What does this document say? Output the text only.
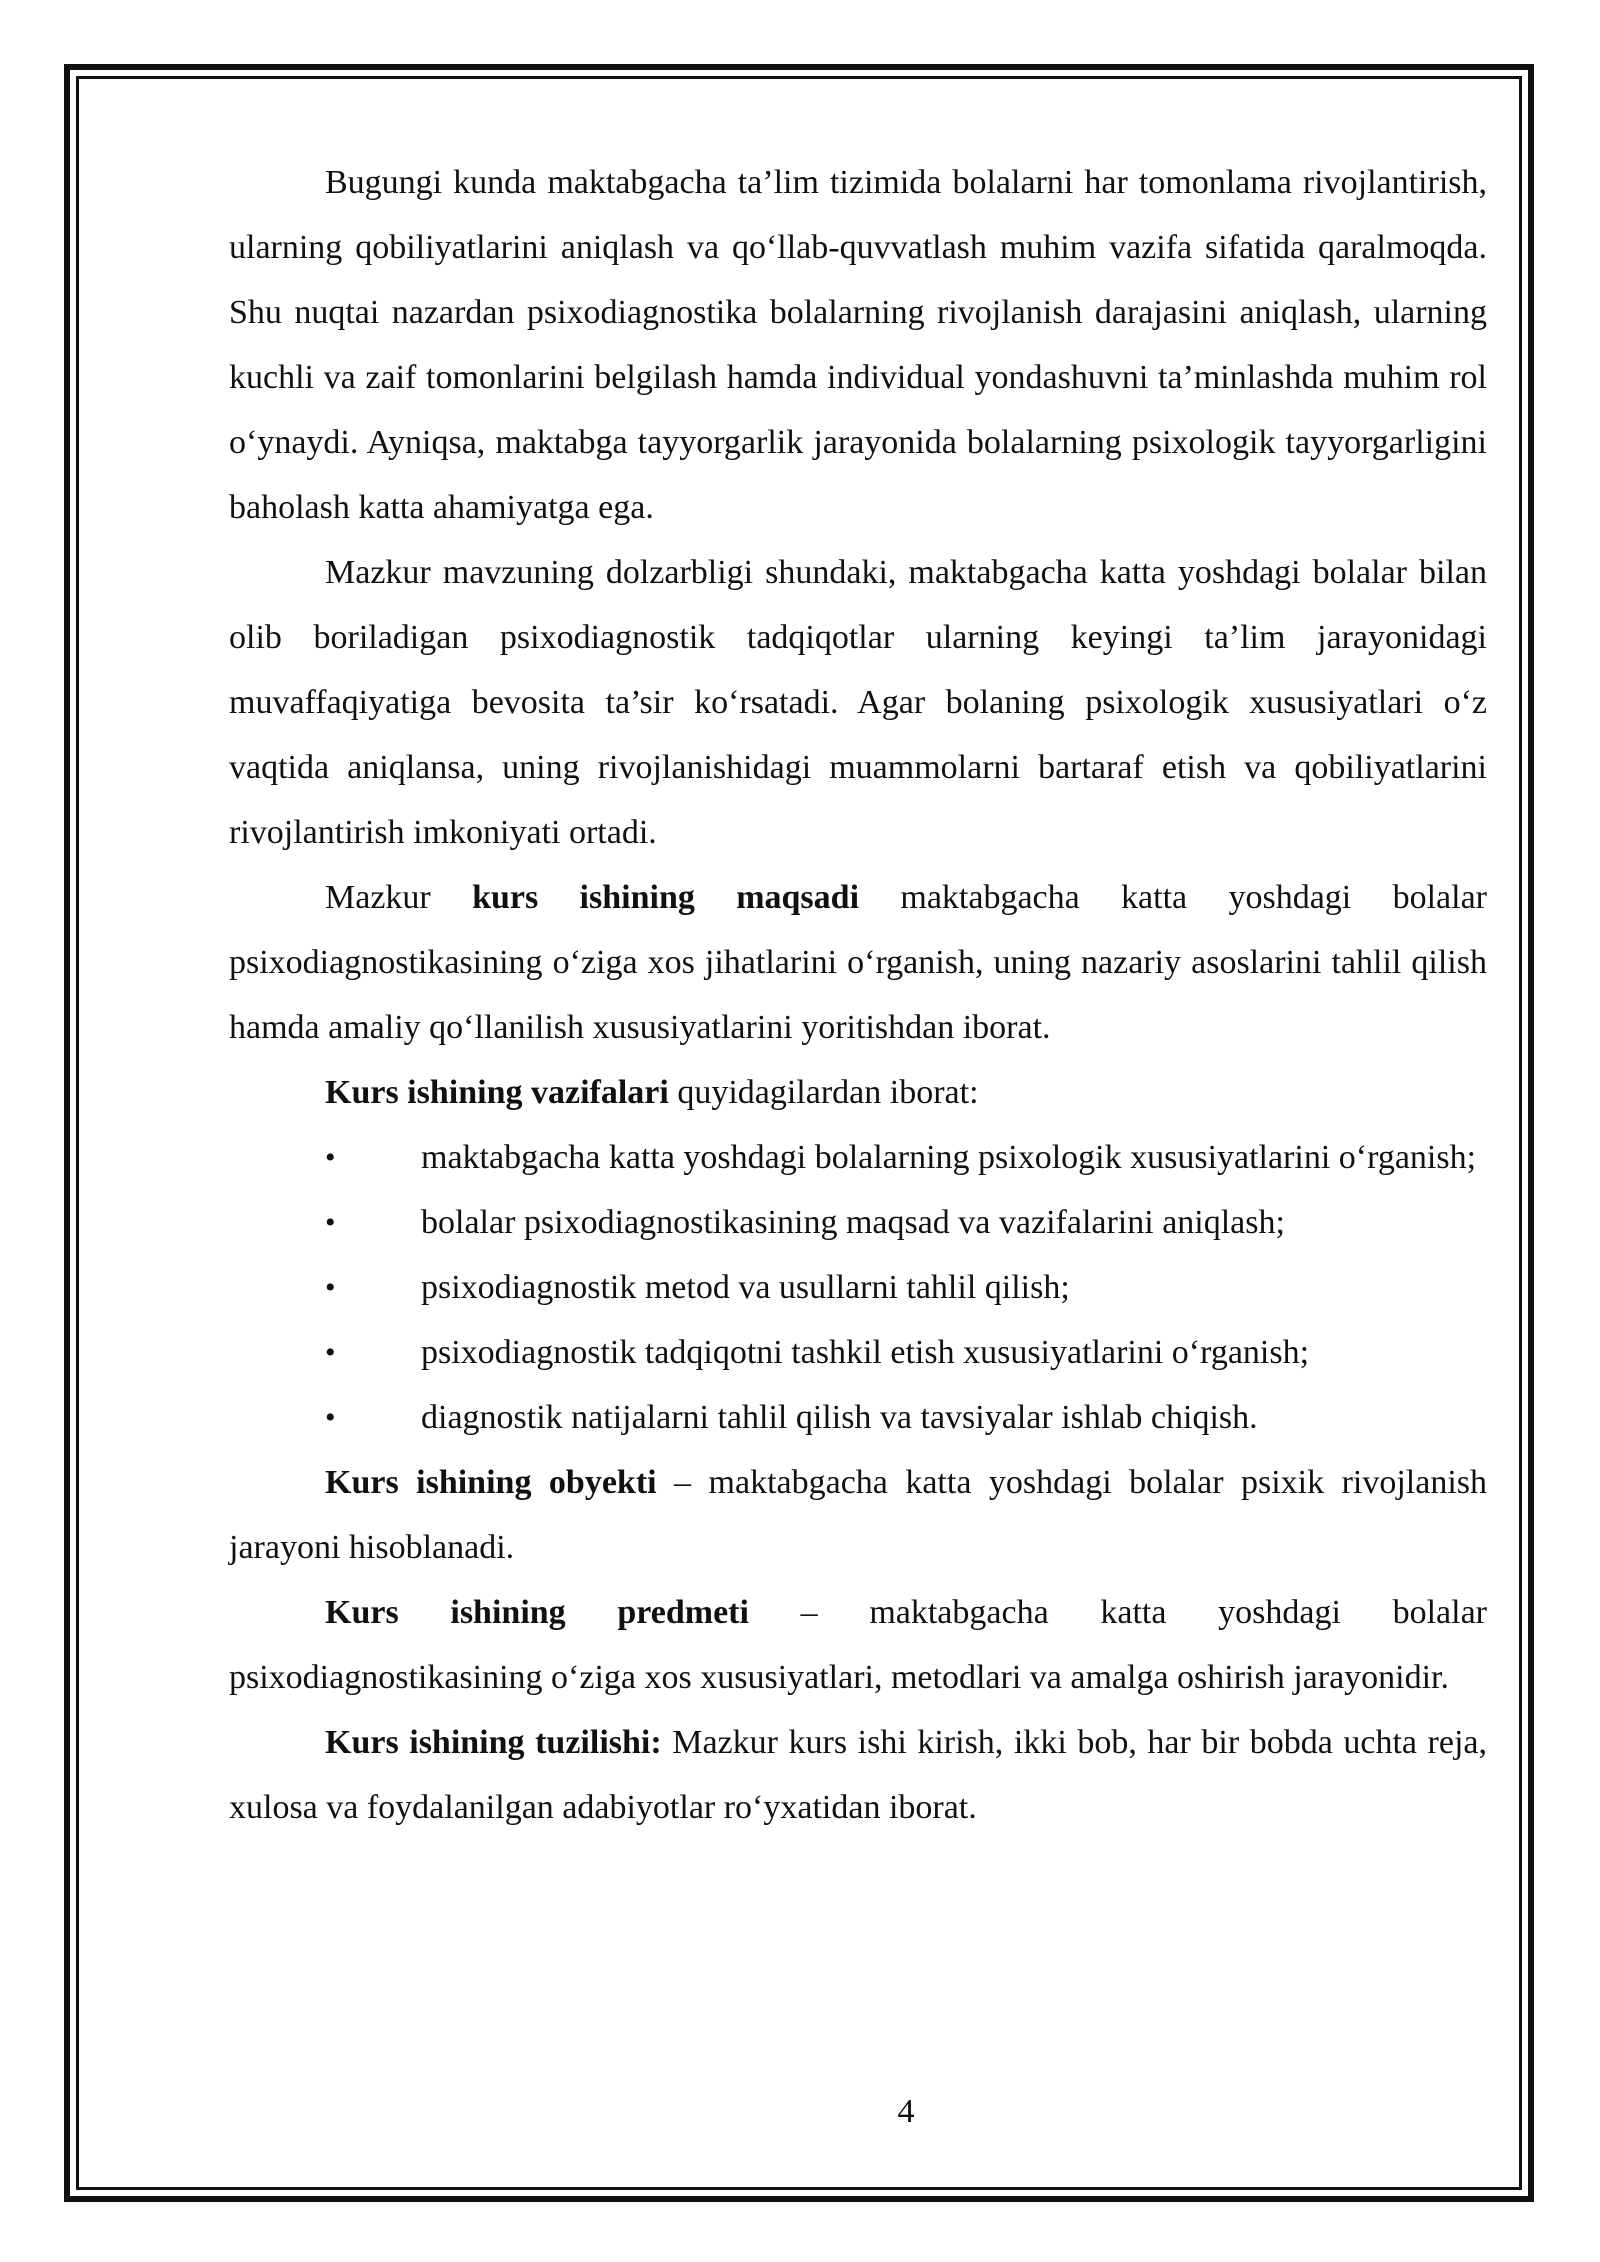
Bugungi kunda maktabgacha ta’lim tizimida bolalarni har tomonlama rivojlantirish, ularning qobiliyatlarini aniqlash va qo‘llab-quvvatlash muhim vazifa sifatida qaralmoqda. Shu nuqtai nazardan psixodiagnostika bolalarning rivojlanish darajasini aniqlash, ularning kuchli va zaif tomonlarini belgilash hamda individual yondashuvni ta’minlashda muhim rol o‘ynaydi. Ayniqsa, maktabga tayyorgarlik jarayonida bolalarning psixologik tayyorgarligini baholash katta ahamiyatga ega.

Mazkur mavzuning dolzarbligi shundaki, maktabgacha katta yoshdagi bolalar bilan olib boriladigan psixodiagnostik tadqiqotlar ularning keyingi ta’lim jarayonidagi muvaffaqiyatiga bevosita ta’sir ko‘rsatadi. Agar bolaning psixologik xususiyatlari o‘z vaqtida aniqlansa, uning rivojlanishidagi muammolarni bartaraf etish va qobiliyatlarini rivojlantirish imkoniyati ortadi.

Mazkur kurs ishining maqsadi maktabgacha katta yoshdagi bolalar psixodiagnostikasining o‘ziga xos jihatlarini o‘rganish, uning nazariy asoslarini tahlil qilish hamda amaliy qo‘llanilish xususiyatlarini yoritishdan iborat.

Kurs ishining vazifalari quyidagilardan iborat:

•	maktabgacha katta yoshdagi bolalarning psixologik xususiyatlarini o‘rganish;
•	bolalar psixodiagnostikasining maqsad va vazifalarini aniqlash;
•	psixodiagnostik metod va usullarni tahlil qilish;
•	psixodiagnostik tadqiqotni tashkil etish xususiyatlarini o‘rganish;
•	diagnostik natijalarni tahlil qilish va tavsiyalar ishlab chiqish.

Kurs ishining obyekti – maktabgacha katta yoshdagi bolalar psixik rivojlanish jarayoni hisoblanadi.

Kurs ishining predmeti – maktabgacha katta yoshdagi bolalar psixodiagnostikasining o‘ziga xos xususiyatlari, metodlari va amalga oshirish jarayonidir.

Kurs ishining tuzilishi: Mazkur kurs ishi kirish, ikki bob, har bir bobda uchta reja, xulosa va foydalanilgan adabiyotlar ro‘yxatidan iborat.

4
